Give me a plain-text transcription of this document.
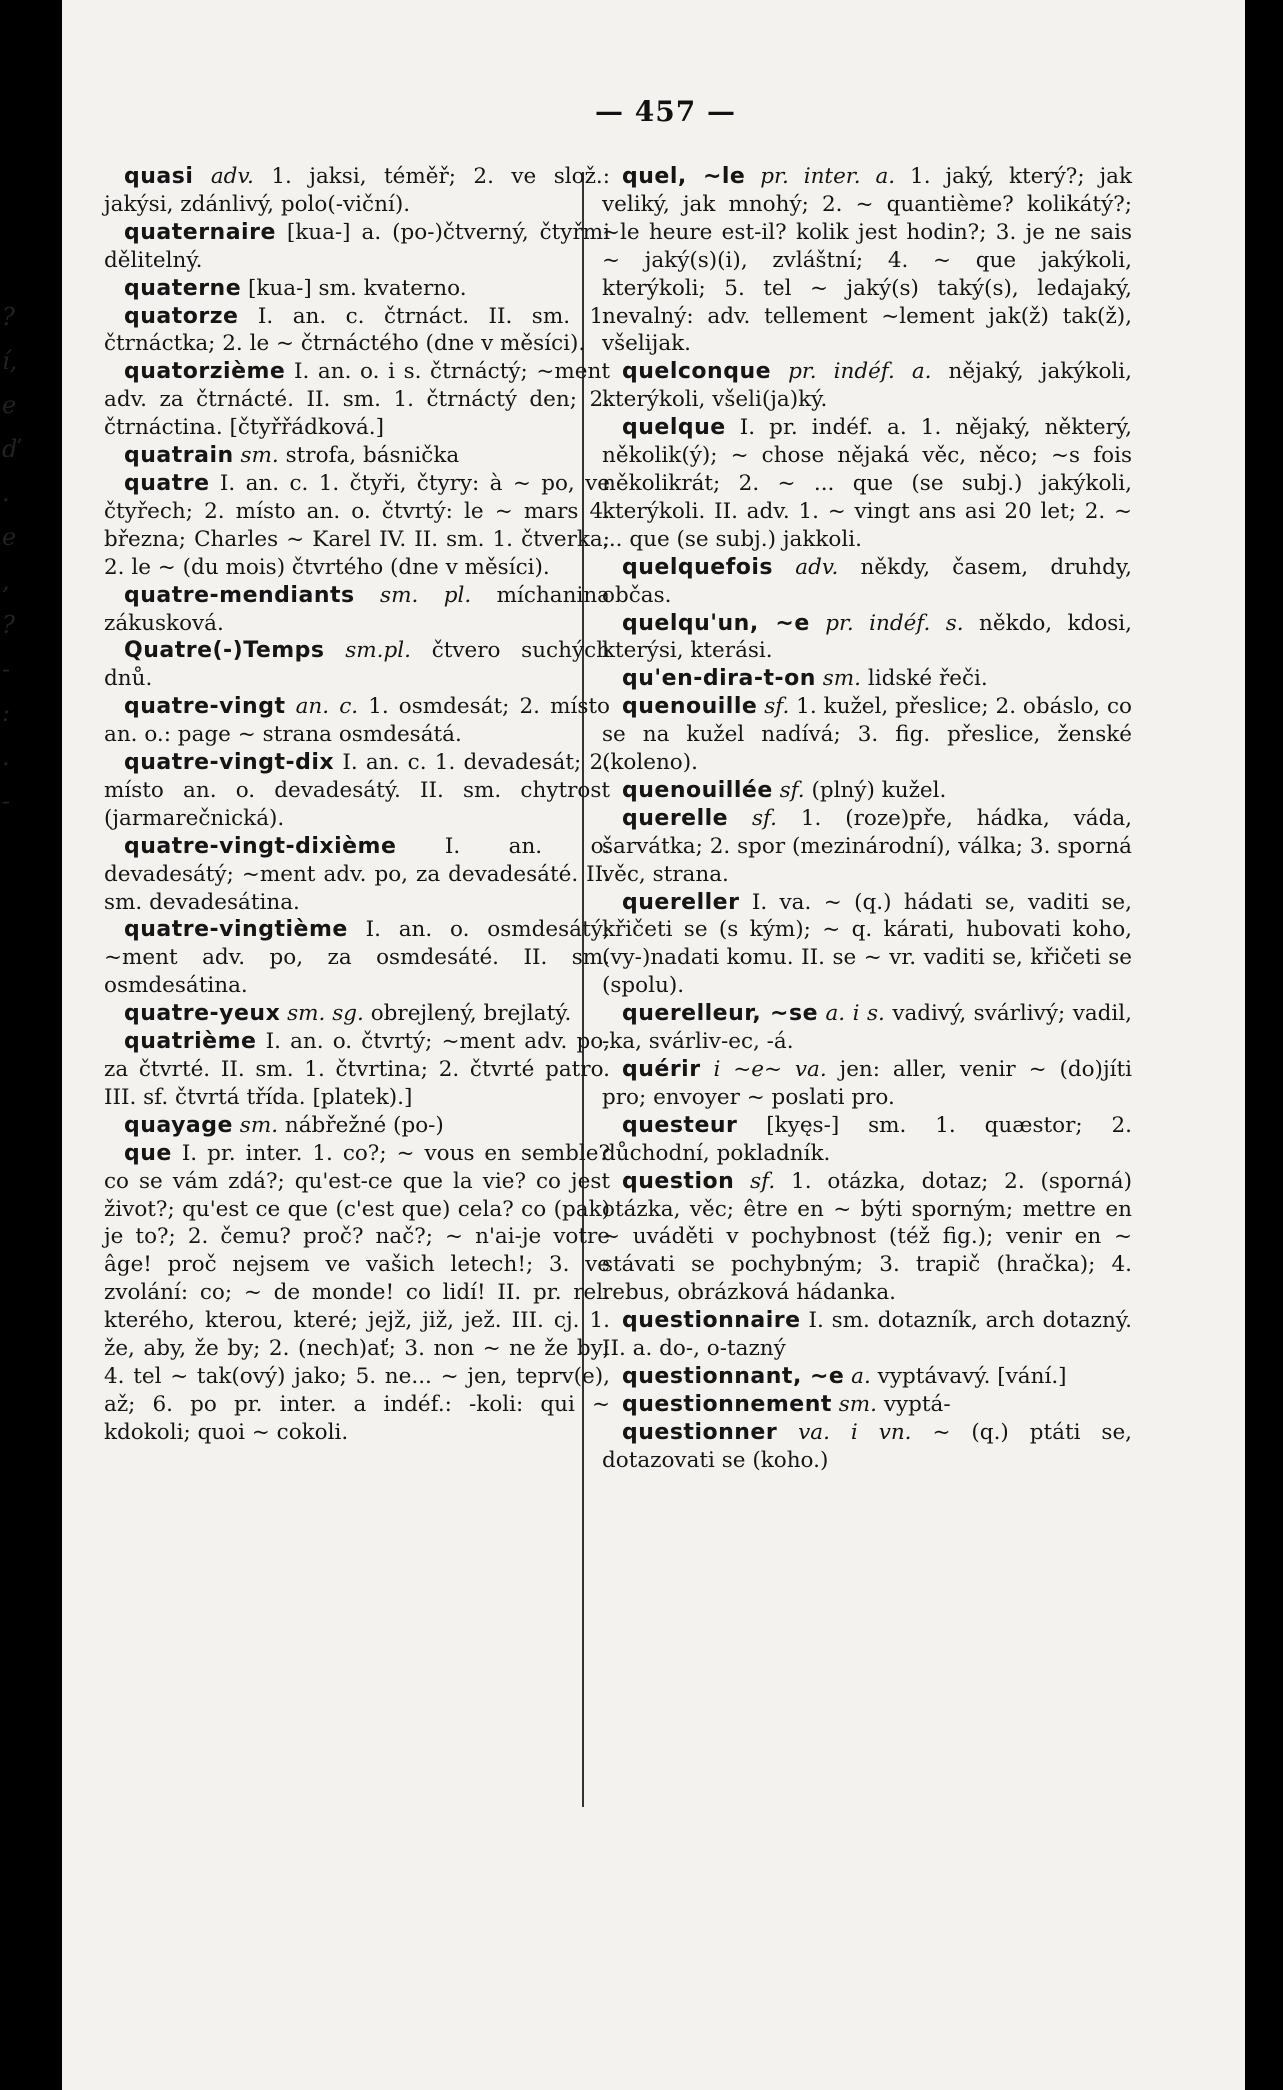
— 457 —

quasi adv. 1. jaksi, téměř; 2. ve slož.: jakýsi, zdánlivý, polo(-viční).

quaternaire [kua-] a. (po-)čtverný, čtyřmi dělitelný.

quaterne [kua-] sm. kvaterno.

quatorze I. an. c. čtrnáct. II. sm. 1. čtrnáctka; 2. le ~ čtrnáctého (dne v měsíci).

quatorzième I. an. o. i s. čtrnáctý; ~ment adv. za čtrnácté. II. sm. 1. čtrnáctý den; 2. čtrnáctina. [čtyřřádková.]

quatrain sm. strofa, básnička

quatre I. an. c. 1. čtyři, čtyry: à ~ po, ve čtyřech; 2. místo an. o. čtvrtý: le ~ mars 4. března; Charles ~ Karel IV. II. sm. 1. čtverka; 2. le ~ (du mois) čtvrtého (dne v měsíci).

quatre-mendiants sm. pl. míchanina zákusková.

Quatre(-)Temps sm.pl. čtvero suchých dnů.

quatre-vingt an. c. 1. osmdesát; 2. místo an. o.: page ~ strana osmdesátá.

quatre-vingt-dix I. an. c. 1. devadesát; 2. místo an. o. devadesátý. II. sm. chytrost (jarmarečnická).

quatre-vingt-dixième I. an. o. devadesátý; ~ment adv. po, za devadesáté. II. sm. devadesátina.

quatre-vingtième I. an. o. osmdesátý; ~ment adv. po, za osmdesáté. II. sm. osmdesátina.

quatre-yeux sm. sg. obrejlený, brejlatý.

quatrième I. an. o. čtvrtý; ~ment adv. po, za čtvrté. II. sm. 1. čtvrtina; 2. čtvrté patro. III. sf. čtvrtá třída. [platek).]

quayage sm. nábřežné (po-)

que I. pr. inter. 1. co?; ~ vous en semble? co se vám zdá?; qu'est-ce que la vie? co jest život?; qu'est ce que (c'est que) cela? co (pak) je to?; 2. čemu? proč? nač?; ~ n'ai-je votre âge! proč nejsem ve vašich letech!; 3. ve zvolání: co; ~ de monde! co lidí! II. pr. rel. kterého, kterou, které; jejž, již, jež. III. cj. 1. že, aby, že by; 2. (nech)ať; 3. non ~ ne že by; 4. tel ~ tak(ový) jako; 5. ne... ~ jen, teprv(e), až; 6. po pr. inter. a indéf.: -koli: qui ~ kdokoli; quoi ~ cokoli.

quel, ~le pr. inter. a. 1. jaký, který?; jak veliký, jak mnohý; 2. ~ quantième? kolikátý?; ~le heure est-il? kolik jest hodin?; 3. je ne sais ~ jaký(s)(i), zvláštní; 4. ~ que jakýkoli, kterýkoli; 5. tel ~ jaký(s) taký(s), ledajaký, nevalný: adv. tellement ~lement jak(ž) tak(ž), všelijak.

quelconque pr. indéf. a. nějaký, jakýkoli, kterýkoli, všeli(ja)ký.

quelque I. pr. indéf. a. 1. nějaký, některý, několik(ý); ~ chose nějaká věc, něco; ~s fois několikrát; 2. ~ ... que (se subj.) jakýkoli, kterýkoli. II. adv. 1. ~ vingt ans asi 20 let; 2. ~ ... que (se subj.) jakkoli.

quelquefois adv. někdy, časem, druhdy, občas.

quelqu'un, ~e pr. indéf. s. někdo, kdosi, kterýsi, kterási.

qu'en-dira-t-on sm. lidské řeči.

quenouille sf. 1. kužel, přeslice; 2. obáslo, co se na kužel nadívá; 3. fig. přeslice, ženské (koleno).

quenouillée sf. (plný) kužel.

querelle sf. 1. (roze)pře, hádka, váda, šarvátka; 2. spor (mezinárodní), válka; 3. sporná věc, strana.

quereller I. va. ~ (q.) hádati se, vaditi se, křičeti se (s kým); ~ q. kárati, hubovati koho, (vy-)nadati komu. II. se ~ vr. vaditi se, křičeti se (spolu).

querelleur, ~se a. i s. vadivý, svárlivý; vadil, -ka, svárliv-ec, -á.

quérir i ~e~ va. jen: aller, venir ~ (do)jíti pro; envoyer ~ poslati pro.

questeur [kyęs-] sm. 1. quæstor; 2. důchodní, pokladník.

question sf. 1. otázka, dotaz; 2. (sporná) otázka, věc; être en ~ býti sporným; mettre en ~ uváděti v pochybnost (též fig.); venir en ~ stávati se pochybným; 3. trapič (hračka); 4. rebus, obrázková hádanka.

questionnaire I. sm. dotazník, arch dotazný. II. a. do-, o-tazný

questionnant, ~e a. vyptávavý. [vání.]

questionnement sm. vyptá-

questionner va. i vn. ~ (q.) ptáti se, dotazovati se (koho.)

?
í,
e
ď
.
e
,
?
-
:
.
-
